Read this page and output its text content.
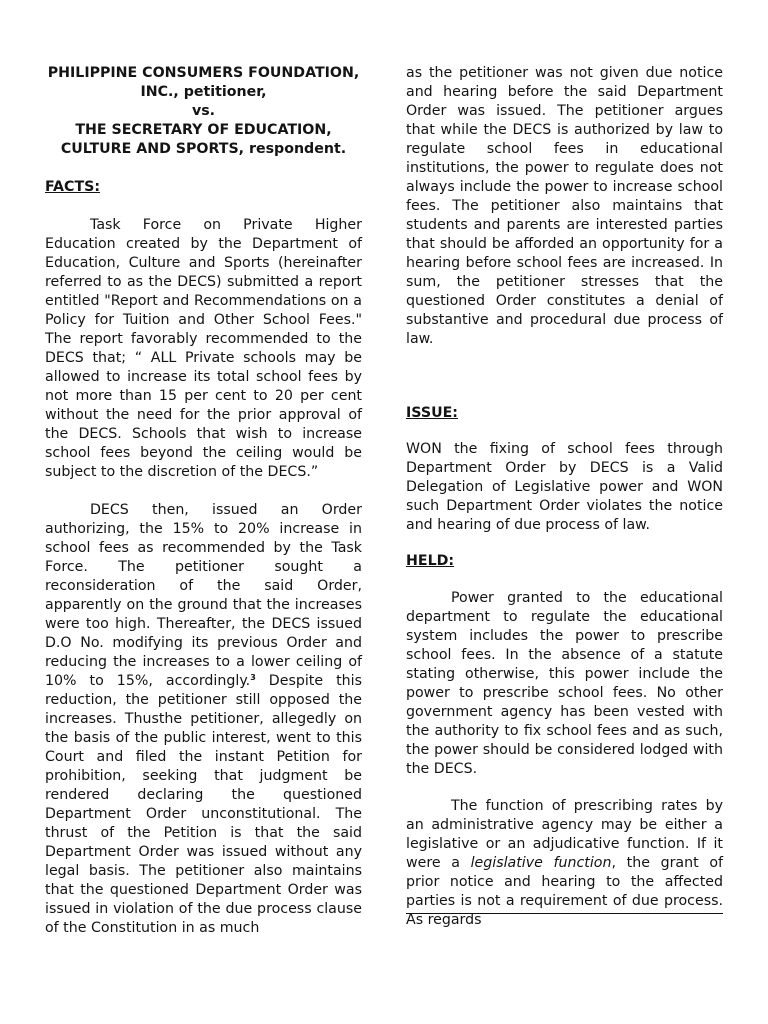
PHILIPPINE CONSUMERS FOUNDATION,
INC., petitioner,
vs.
THE SECRETARY OF EDUCATION,
CULTURE AND SPORTS, respondent.
FACTS:

Task Force on Private Higher Education created by the Department of Education, Culture and Sports (hereinafter referred to as the DECS) submitted a report entitled "Report and Recommendations on a Policy for Tuition and Other School Fees." The report favorably recommended to the DECS that; “ ALL Private schools may be allowed to increase its total school fees by not more than 15 per cent to 20 per cent without the need for the prior approval of the DECS. Schools that wish to increase school fees beyond the ceiling would be subject to the discretion of the DECS.”

DECS then, issued an Order authorizing, the 15% to 20% increase in school fees as recommended by the Task Force. The petitioner sought a reconsideration of the said Order, apparently on the ground that the increases were too high. Thereafter, the DECS issued D.O No. modifying its previous Order and reducing the increases to a lower ceiling of 10% to 15%, accordingly.$^3$ Despite this reduction, the petitioner still opposed the increases. Thusthe petitioner, allegedly on the basis of the public interest, went to this Court and filed the instant Petition for prohibition, seeking that judgment be rendered declaring the questioned Department Order unconstitutional. The thrust of the Petition is that the said Department Order was issued without any legal basis. The petitioner also maintains that the questioned Department Order was issued in violation of the due process clause of the Constitution in as much

as the petitioner was not given due notice and hearing before the said Department Order was issued. The petitioner argues that while the DECS is authorized by law to regulate school fees in educational institutions, the power to regulate does not always include the power to increase school fees. The petitioner also maintains that students and parents are interested parties that should be afforded an opportunity for a hearing before school fees are increased. In sum, the petitioner stresses that the questioned Order constitutes a denial of substantive and procedural due process of law.

ISSUE:

WON the fixing of school fees through Department Order by DECS is a Valid Delegation of Legislative power and WON such Department Order violates the notice and hearing of due process of law.

HELD:

Power granted to the educational department to regulate the educational system includes the power to prescribe school fees. In the absence of a statute stating otherwise, this power include the power to prescribe school fees. No other government agency has been vested with the authority to fix school fees and as such, the power should be considered lodged with the DECS.

The function of prescribing rates by an administrative agency may be either a legislative or an adjudicative function. If it were a legislative function, the grant of prior notice and hearing to the affected parties is not a requirement of due process. As regards
